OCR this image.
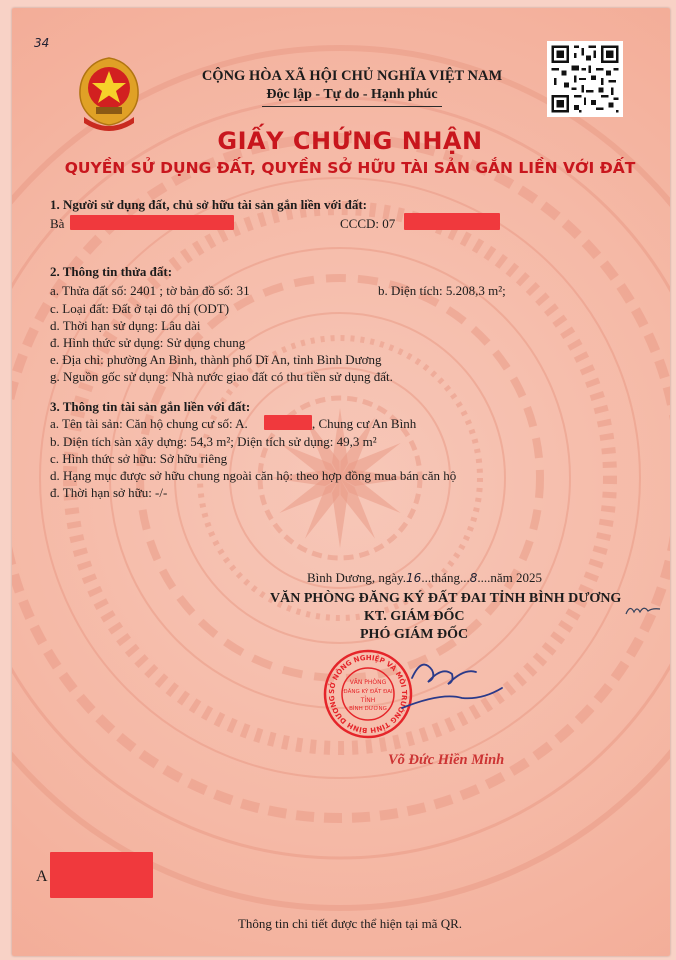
34
CỘNG HÒA XÃ HỘI CHỦ NGHĨA VIỆT NAM
Độc lập - Tự do - Hạnh phúc
GIẤY CHỨNG NHẬN
QUYỀN SỬ DỤNG ĐẤT, QUYỀN SỞ HỮU TÀI SẢN GẮN LIỀN VỚI ĐẤT
1. Người sử dụng đất, chủ sở hữu tài sản gắn liền với đất:
Bà	CCCD: 07
2. Thông tin thửa đất:
a. Thửa đất số: 2401 ; tờ bản đồ số: 31	b. Diện tích: 5.208,3 m²;
c. Loại đất: Đất ở tại đô thị (ODT)
d. Thời hạn sử dụng: Lâu dài
đ. Hình thức sử dụng: Sử dụng chung
e. Địa chỉ: phường An Bình, thành phố Dĩ An, tỉnh Bình Dương
g. Nguồn gốc sử dụng: Nhà nước giao đất có thu tiền sử dụng đất.
3. Thông tin tài sản gắn liền với đất:
a. Tên tài sản: Căn hộ chung cư số: A.	, Chung cư An Bình
b. Diện tích sàn xây dựng: 54,3 m²; Diện tích sử dụng: 49,3 m²
c. Hình thức sở hữu: Sở hữu riêng
d. Hạng mục được sở hữu chung ngoài căn hộ: theo hợp đồng mua bán căn hộ
đ. Thời hạn sở hữu: -/-
Bình Dương, ngày.16...tháng...8....năm 2025
VĂN PHÒNG ĐĂNG KÝ ĐẤT ĐAI TỈNH BÌNH DƯƠNG
KT. GIÁM ĐỐC
PHÓ GIÁM ĐỐC
SỞ NÔNG NGHIỆP VÀ MÔI TRƯỜNG TỈNH BÌNH DƯƠNG
VĂN PHÒNG
ĐĂNG KÝ ĐẤT ĐAI
TỈNH
BÌNH DƯƠNG
Võ Đức Hiền Minh
A
Thông tin chi tiết được thể hiện tại mã QR.
